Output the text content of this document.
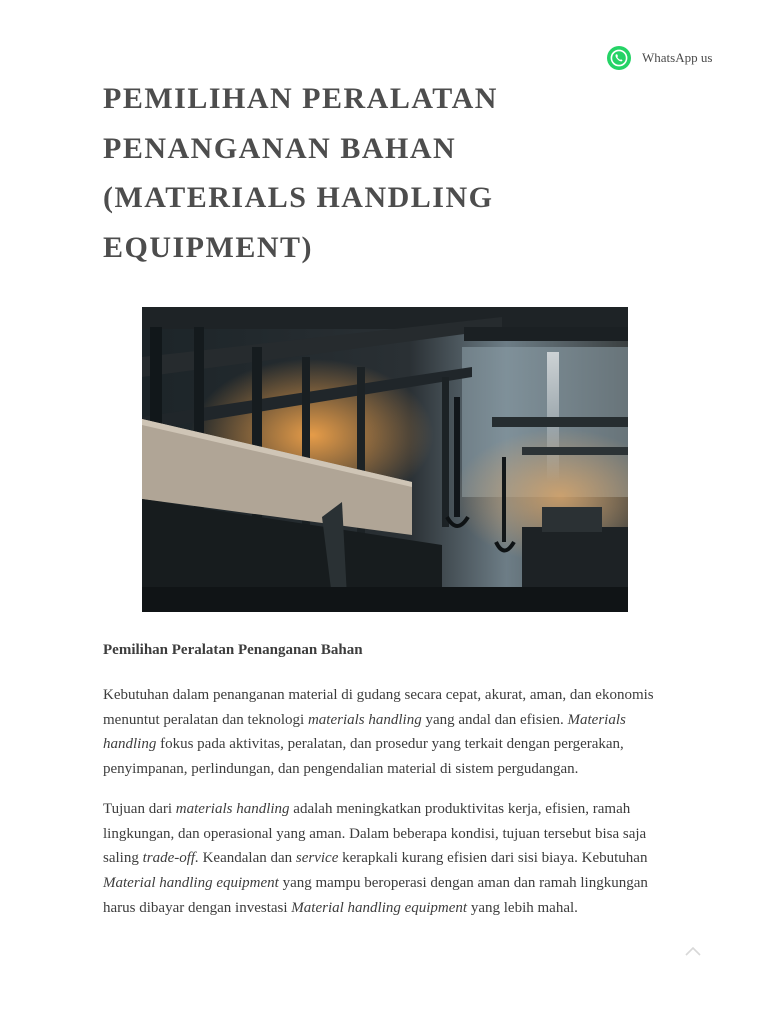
WhatsApp us
PEMILIHAN PERALATAN PENANGANAN BAHAN (MATERIALS HANDLING EQUIPMENT)

Pemilihan Peralatan Penanganan Bahan

Kebutuhan dalam penanganan material di gudang secara cepat, akurat, aman, dan ekonomis menuntut peralatan dan teknologi materials handling yang andal dan efisien. Materials handling fokus pada aktivitas, peralatan, dan prosedur yang terkait dengan pergerakan, penyimpanan, perlindungan, dan pengendalian material di sistem pergudangan.

Tujuan dari materials handling adalah meningkatkan produktivitas kerja, efisien, ramah lingkungan, dan operasional yang aman. Dalam beberapa kondisi, tujuan tersebut bisa saja saling trade-off. Keandalan dan service kerapkali kurang efisien dari sisi biaya. Kebutuhan Material handling equipment yang mampu beroperasi dengan aman dan ramah lingkungan harus dibayar dengan investasi Material handling equipment yang lebih mahal.
